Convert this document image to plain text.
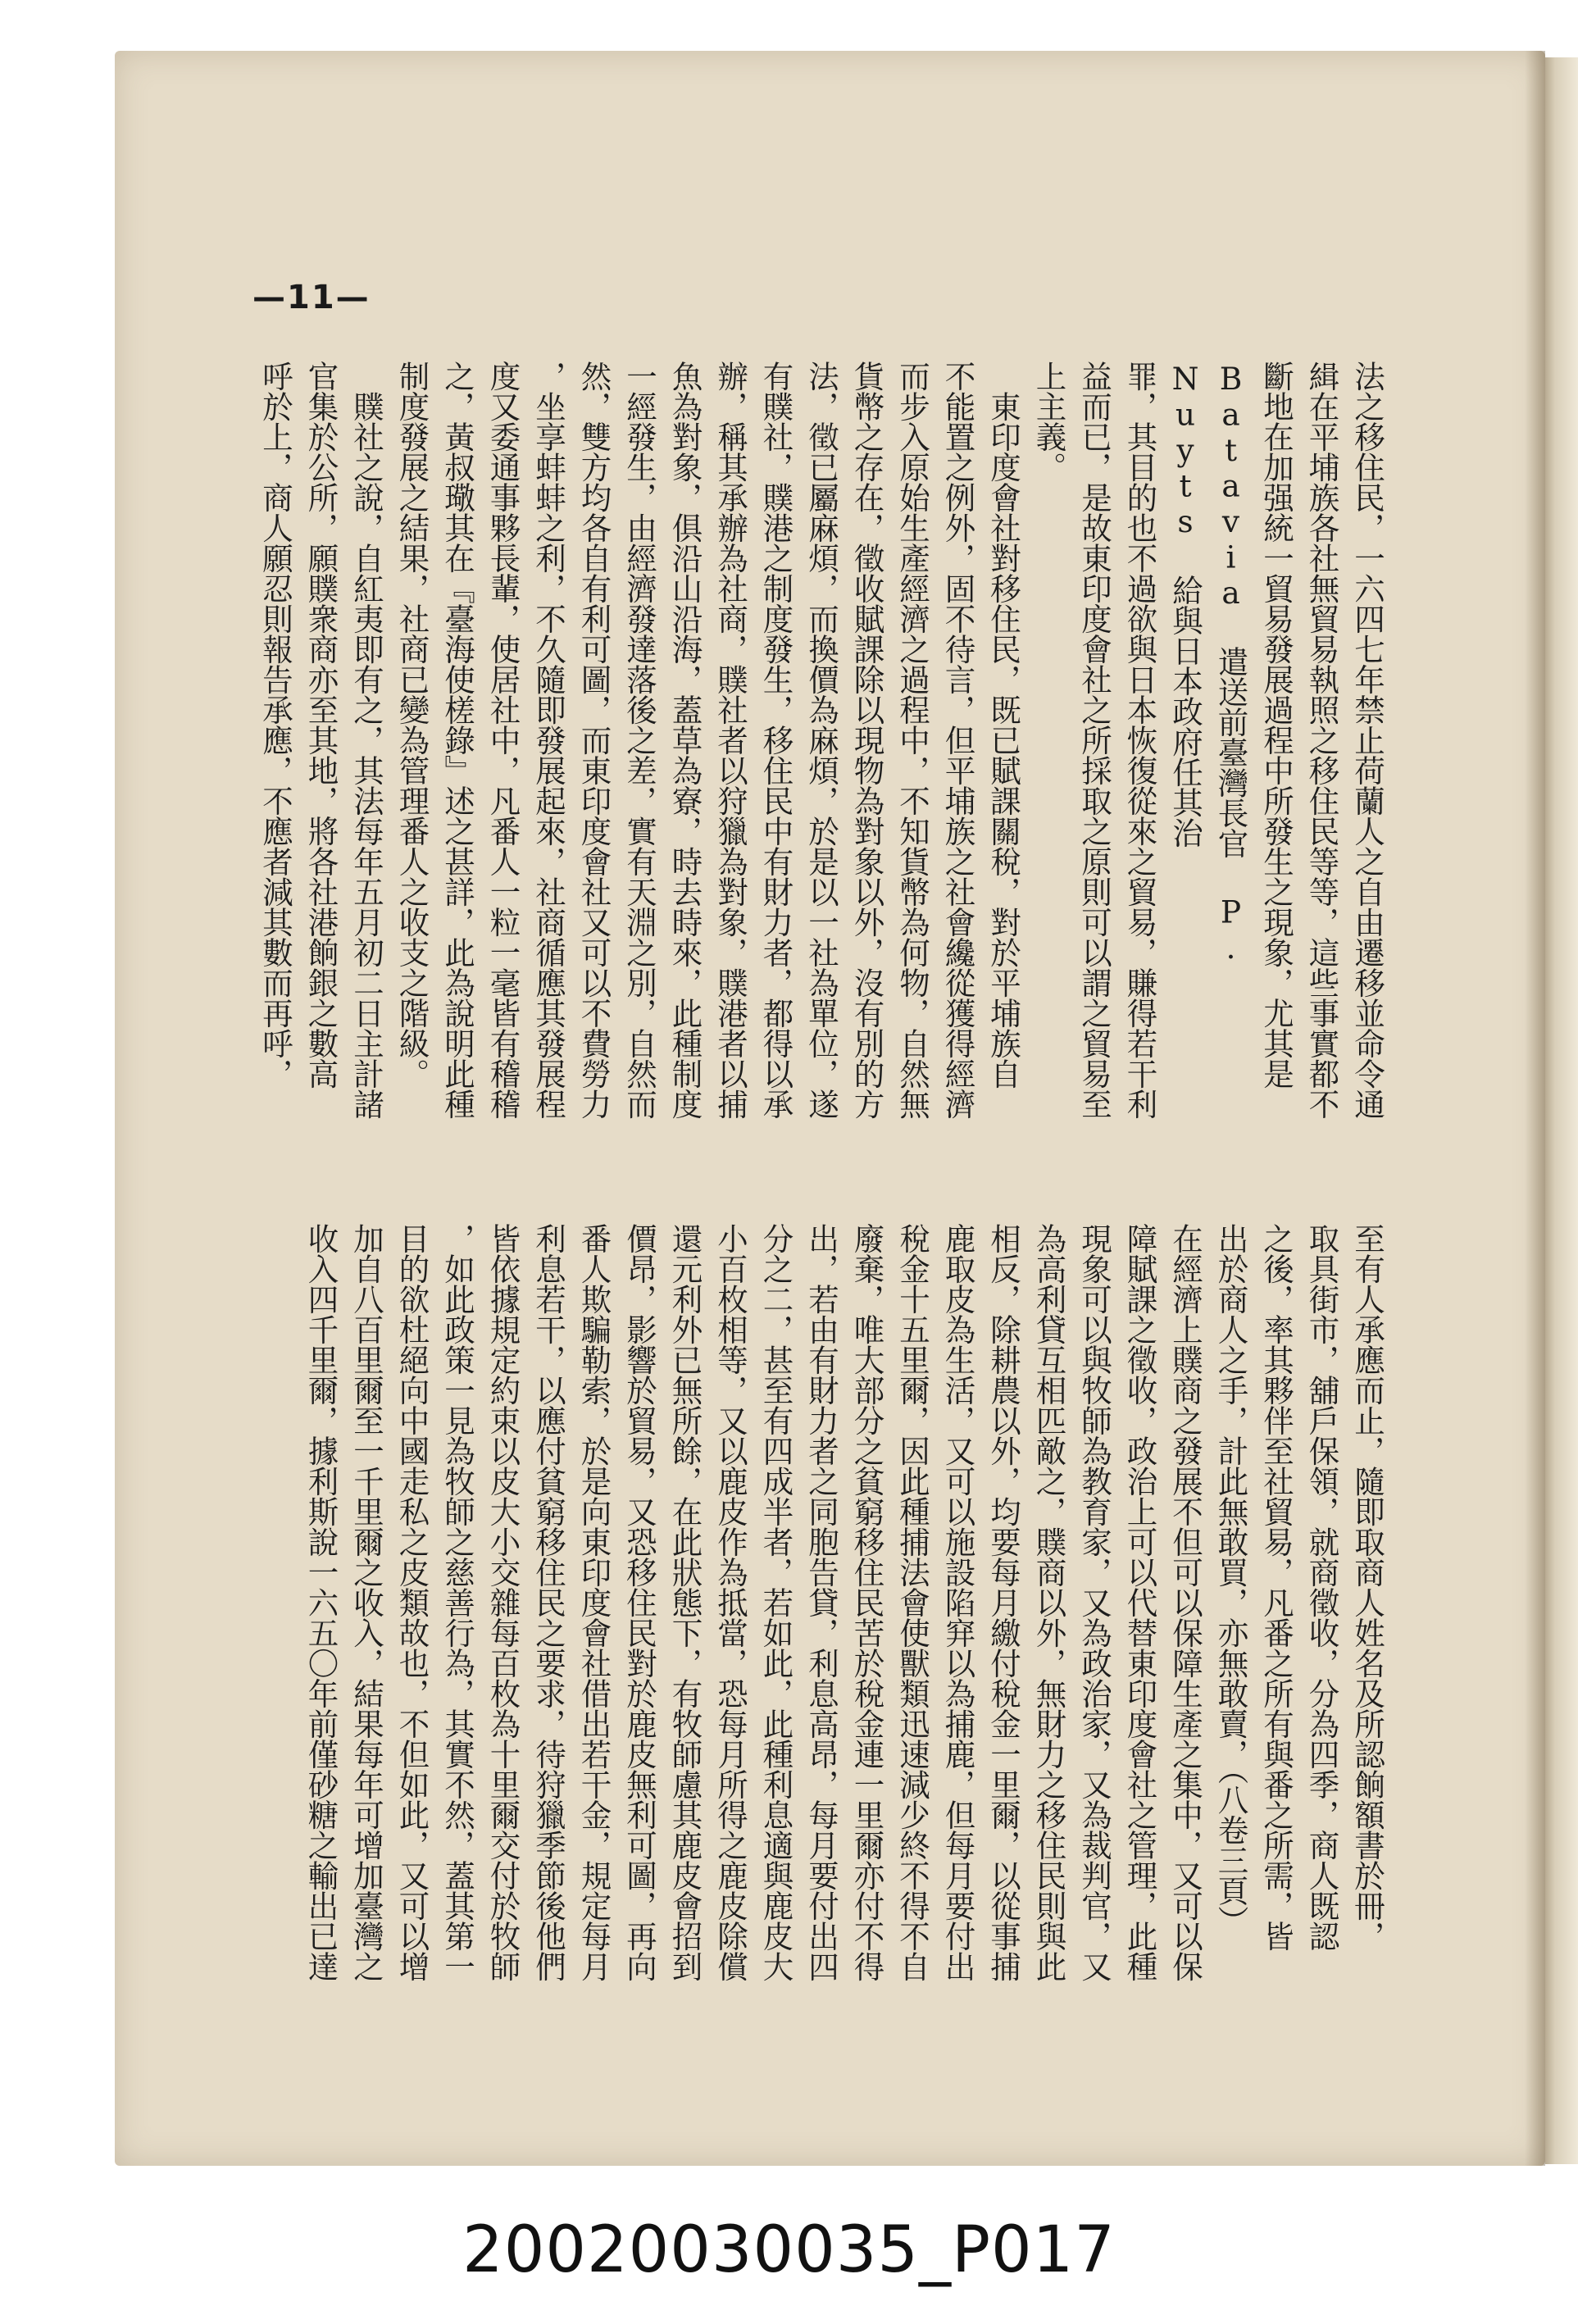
—11—
法之移住民，一六四七年禁止荷蘭人之自由遷移並命令通
緝在平埔族各社無貿易執照之移住民等等，這些事實都不
斷地在加强統一貿易發展過程中所發生之現象，尤其是
Batavia 遣送前臺灣長官 P. Nuyts 給與日本政府任其治
罪，其目的也不過欲與日本恢復從來之貿易，賺得若干利
益而已，是故東印度會社之所採取之原則可以謂之貿易至
上主義。
　東印度會社對移住民，既已賦課關稅，對於平埔族自
不能置之例外，固不待言，但平埔族之社會纔從獲得經濟
而步入原始生產經濟之過程中，不知貨幣為何物，自然無
貨幣之存在，徵收賦課除以現物為對象以外，沒有別的方
法，徵已屬麻煩，而換價為麻煩，於是以一社為單位，遂
有贌社，贌港之制度發生，移住民中有財力者，都得以承
辦，稱其承辦為社商，贌社者以狩獵為對象，贌港者以捕
魚為對象，俱沿山沿海，蓋草為寮，時去時來，此種制度
一經發生，由經濟發達落後之差，實有天淵之別，自然而
然，雙方均各自有利可圖，而東印度會社又可以不費勞力
，坐享蚌蚌之利，不久隨即發展起來，社商循應其發展程
度又委通事夥長輩，使居社中，凡番人一粒一毫皆有稽稽
之，黃叔璥其在『臺海使槎錄』述之甚詳，此為說明此種
制度發展之結果，社商已變為管理番人之收支之階級。
　贌社之說，自紅夷即有之，其法每年五月初二日主計諸
官集於公所，願贌衆商亦至其地，將各社港餉銀之數高
呼於上，商人願忍則報告承應，不應者減其數而再呼，
至有人承應而止，隨即取商人姓名及所認餉額書於冊，
取具街市，舖戶保領，就商徵收，分為四季，商人既認
之後，率其夥伴至社貿易，凡番之所有與番之所需，皆
出於商人之手，計此無敢買，亦無敢賣，（八卷三頁）
在經濟上贌商之發展不但可以保障生產之集中，又可以保
障賦課之徵收，政治上可以代替東印度會社之管理，此種
現象可以與牧師為教育家，又為政治家，又為裁判官，又
為高利貸互相匹敵之，贌商以外，無財力之移住民則與此
相反，除耕農以外，均要每月繳付稅金一里爾，以從事捕
鹿取皮為生活，又可以施設陷穽以為捕鹿，但每月要付出
稅金十五里爾，因此種捕法會使獸類迅速減少終不得不自
廢棄，唯大部分之貧窮移住民苦於稅金連一里爾亦付不得
出，若由有財力者之同胞告貸，利息高昂，每月要付出四
分之二，甚至有四成半者，若如此，此種利息適與鹿皮大
小百枚相等，又以鹿皮作為抵當，恐每月所得之鹿皮除償
還元利外已無所餘，在此狀態下，有牧師慮其鹿皮會招到
價昂，影響於貿易，又恐移住民對於鹿皮無利可圖，再向
番人欺騙勒索，於是向東印度會社借出若干金，規定每月
利息若干，以應付貧窮移住民之要求，待狩獵季節後他們
皆依據規定約束以皮大小交雜每百枚為十里爾交付於牧師
，如此政策一見為牧師之慈善行為，其實不然，蓋其第一
目的欲杜絕向中國走私之皮類故也，不但如此，又可以增
加自八百里爾至一千里爾之收入，結果每年可增加臺灣之
收入四千里爾，據利斯說一六五〇年前僅砂糖之輸出已達
20020030035_P017
